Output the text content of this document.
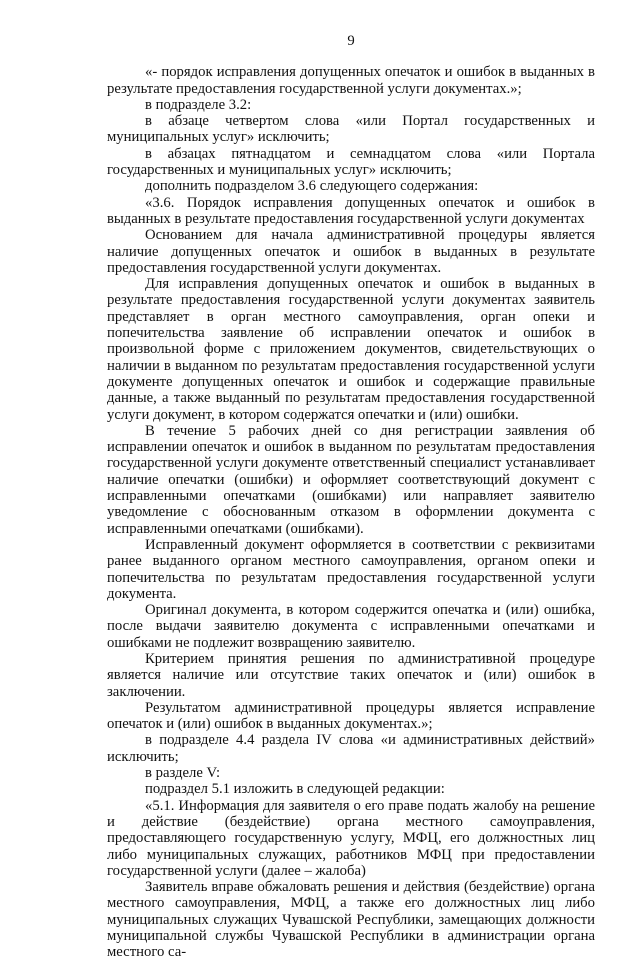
9

«- порядок исправления допущенных опечаток и ошибок в выданных в результате предоставления государственной услуги документах.»;

в подразделе 3.2:

в абзаце четвертом слова «или Портал государственных и муниципальных услуг» исключить;

в абзацах пятнадцатом и семнадцатом слова «или Портала государственных и муниципальных услуг» исключить;

дополнить подразделом 3.6 следующего содержания:

«3.6. Порядок исправления допущенных опечаток и ошибок в выданных в результате предоставления государственной услуги документах

Основанием для начала административной процедуры является наличие допущенных опечаток и ошибок в выданных в результате предоставления государственной услуги документах.

Для исправления допущенных опечаток и ошибок в выданных в результате предоставления государственной услуги документах заявитель представляет в орган местного самоуправления, орган опеки и попечительства заявление об исправлении опечаток и ошибок в произвольной форме с приложением документов, свидетельствующих о наличии в выданном по результатам предоставления государственной услуги документе допущенных опечаток и ошибок и содержащие правильные данные, а также выданный по результатам предоставления государственной услуги документ, в котором содержатся опечатки и (или) ошибки.

В течение 5 рабочих дней со дня регистрации заявления об исправлении опечаток и ошибок в выданном по результатам предоставления государственной услуги документе ответственный специалист устанавливает наличие опечатки (ошибки) и оформляет соответствующий документ с исправленными опечатками (ошибками) или направляет заявителю уведомление с обоснованным отказом в оформлении документа с исправленными опечатками (ошибками).

Исправленный документ оформляется в соответствии с реквизитами ранее выданного органом местного самоуправления, органом опеки и попечительства по результатам предоставления государственной услуги документа.

Оригинал документа, в котором содержится опечатка и (или) ошибка, после выдачи заявителю документа с исправленными опечатками и ошибками не подлежит возвращению заявителю.

Критерием принятия решения по административной процедуре является наличие или отсутствие таких опечаток и (или) ошибок в заключении.

Результатом административной процедуры является исправление опечаток и (или) ошибок в выданных документах.»;

в подразделе 4.4 раздела IV слова «и административных действий» исключить;

в разделе V:

подраздел 5.1 изложить в следующей редакции:

«5.1. Информация для заявителя о его праве подать жалобу на решение и действие (бездействие) органа местного самоуправления, предоставляющего государственную услугу, МФЦ, его должностных лиц либо муниципальных служащих, работников МФЦ при предоставлении государственной услуги (далее – жалоба)

Заявитель вправе обжаловать решения и действия (бездействие) органа местного самоуправления, МФЦ, а также его должностных лиц либо муниципальных служащих Чувашской Республики, замещающих должности муниципальной службы Чувашской Республики в администрации органа местного са-
